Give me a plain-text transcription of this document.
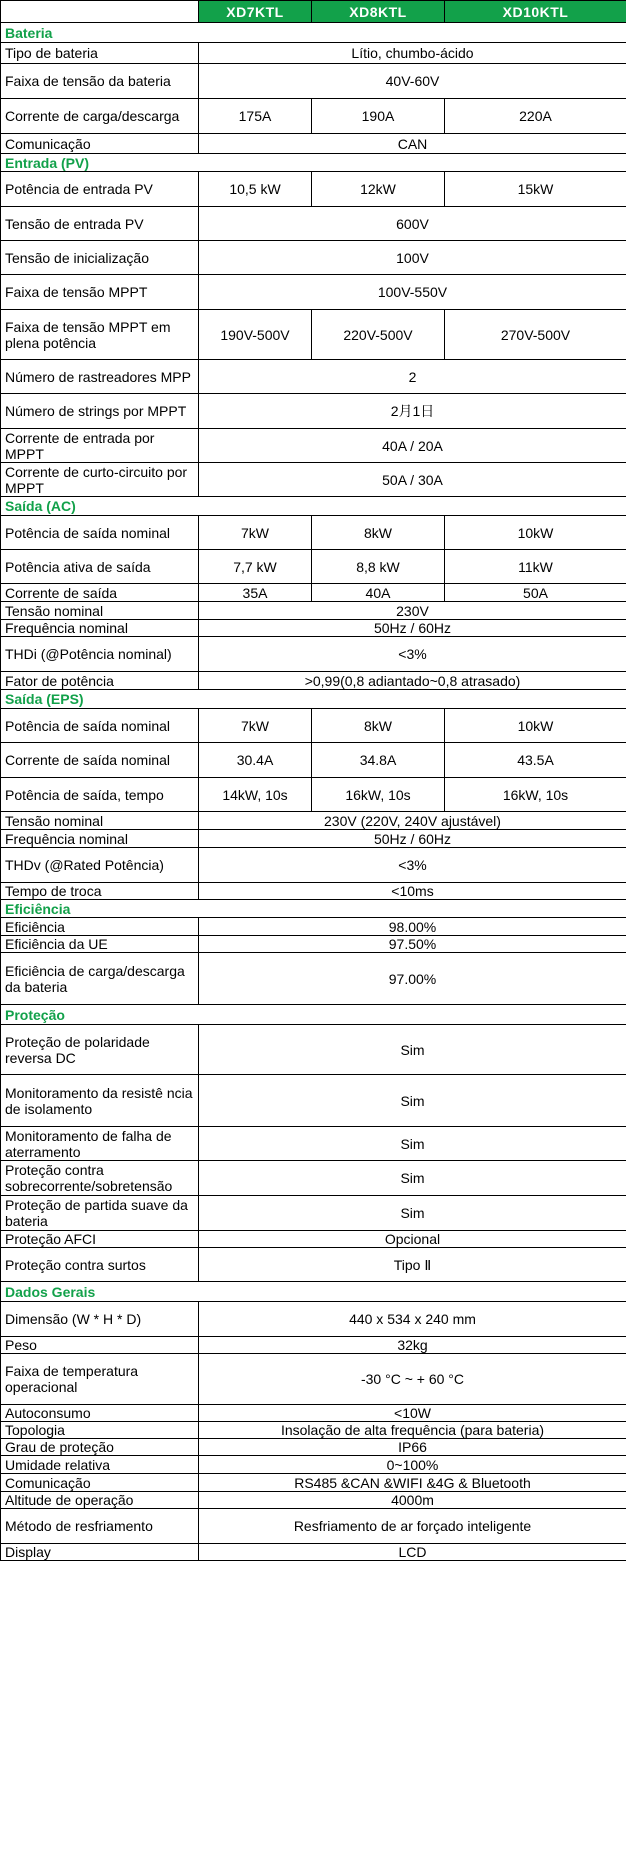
	XD7KTL	XD8KTL	XD10KTL
Bateria			
Tipo de bateria	Lítio, chumbo-ácido		
Faixa de tensão da bateria	40V-60V		
Corrente de carga/descarga	175A	190A	220A
Comunicação	CAN		
Entrada (PV)			
Potência de entrada PV	10,5 kW	12kW	15kW
Tensão de entrada PV	600V		
Tensão de inicialização	100V		
Faixa de tensão MPPT	100V-550V		
Faixa de tensão MPPT em plena potência	190V-500V	220V-500V	270V-500V
Número de rastreadores MPP	2		
Número de strings por MPPT	2月1日		
Corrente de entrada por MPPT	40A / 20A		
Corrente de curto-circuito por MPPT	50A / 30A		
Saída (AC)			
Potência de saída nominal	7kW	8kW	10kW
Potência ativa de saída	7,7 kW	8,8 kW	11kW
Corrente de saída	35A	40A	50A
Tensão nominal	230V		
Frequência nominal	50Hz / 60Hz		
THDi (@Potência nominal)	<3%		
Fator de potência	>0,99(0,8 adiantado~0,8 atrasado)		
Saída (EPS)			
Potência de saída nominal	7kW	8kW	10kW
Corrente de saída nominal	30.4A	34.8A	43.5A
Potência de saída, tempo	14kW, 10s	16kW, 10s	16kW, 10s
Tensão nominal	230V (220V, 240V ajustável)		
Frequência nominal	50Hz / 60Hz		
THDv (@Rated Potência)	<3%		
Tempo de troca	<10ms		
Eficiência			
Eficiência	98.00%		
Eficiência da UE	97.50%		
Eficiência de carga/descarga da bateria	97.00%		
Proteção			
Proteção de polaridade reversa DC	Sim		
Monitoramento da resistê ncia de isolamento	Sim		
Monitoramento de falha de aterramento	Sim		
Proteção contra sobrecorrente/sobretensão	Sim		
Proteção de partida suave da bateria	Sim		
Proteção AFCI	Opcional		
Proteção contra surtos	Tipo Ⅱ		
Dados Gerais			
Dimensão (W * H * D)	440 x 534 x 240 mm		
Peso	32kg		
Faixa de temperatura operacional	-30 °C ~ + 60 °C		
Autoconsumo	<10W		
Topologia	Insolação de alta frequência (para bateria)		
Grau de proteção	IP66		
Umidade relativa	0~100%		
Comunicação	RS485 &CAN &WIFI &4G & Bluetooth		
Altitude de operação	4000m		
Método de resfriamento	Resfriamento de ar forçado inteligente		
Display	LCD		
